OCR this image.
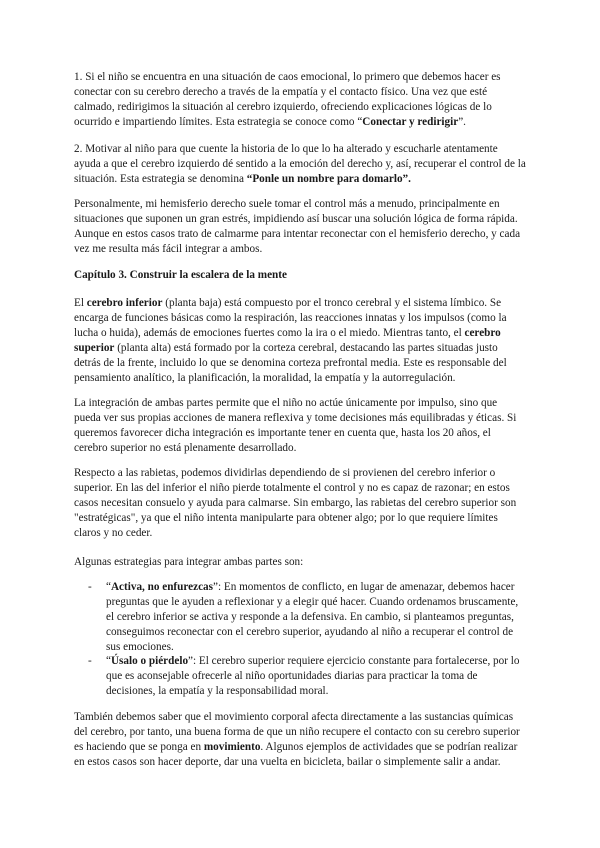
1. Si el niño se encuentra en una situación de caos emocional, lo primero que debemos hacer es conectar con su cerebro derecho a través de la empatía y el contacto físico. Una vez que esté calmado, redirigimos la situación al cerebro izquierdo, ofreciendo explicaciones lógicas de lo ocurrido e impartiendo límites. Esta estrategia se conoce como “Conectar y redirigir”.

2. Motivar al niño para que cuente la historia de lo que lo ha alterado y escucharle atentamente ayuda a que el cerebro izquierdo dé sentido a la emoción del derecho y, así, recuperar el control de la situación. Esta estrategia se denomina “Ponle un nombre para domarlo”.

Personalmente, mi hemisferio derecho suele tomar el control más a menudo, principalmente en situaciones que suponen un gran estrés, impidiendo así buscar una solución lógica de forma rápida. Aunque en estos casos trato de calmarme para intentar reconectar con el hemisferio derecho, y cada vez me resulta más fácil integrar a ambos.

Capítulo 3. Construir la escalera de la mente

El cerebro inferior (planta baja) está compuesto por el tronco cerebral y el sistema límbico. Se encarga de funciones básicas como la respiración, las reacciones innatas y los impulsos (como la lucha o huida), además de emociones fuertes como la ira o el miedo. Mientras tanto, el cerebro superior (planta alta) está formado por la corteza cerebral, destacando las partes situadas justo detrás de la frente, incluido lo que se denomina corteza prefrontal media. Este es responsable del pensamiento analítico, la planificación, la moralidad, la empatía y la autorregulación.

La integración de ambas partes permite que el niño no actúe únicamente por impulso, sino que pueda ver sus propias acciones de manera reflexiva y tome decisiones más equilibradas y éticas. Si queremos favorecer dicha integración es importante tener en cuenta que, hasta los 20 años, el cerebro superior no está plenamente desarrollado.

Respecto a las rabietas, podemos dividirlas dependiendo de si provienen del cerebro inferior o superior. En las del inferior el niño pierde totalmente el control y no es capaz de razonar; en estos casos necesitan consuelo y ayuda para calmarse. Sin embargo, las rabietas del cerebro superior son "estratégicas", ya que el niño intenta manipularte para obtener algo; por lo que requiere límites claros y no ceder.

Algunas estrategias para integrar ambas partes son:

- “Activa, no enfurezcas”: En momentos de conflicto, en lugar de amenazar, debemos hacer preguntas que le ayuden a reflexionar y a elegir qué hacer. Cuando ordenamos bruscamente, el cerebro inferior se activa y responde a la defensiva. En cambio, si planteamos preguntas, conseguimos reconectar con el cerebro superior, ayudando al niño a recuperar el control de sus emociones.

- “Úsalo o piérdelo”: El cerebro superior requiere ejercicio constante para fortalecerse, por lo que es aconsejable ofrecerle al niño oportunidades diarias para practicar la toma de decisiones, la empatía y la responsabilidad moral.

También debemos saber que el movimiento corporal afecta directamente a las sustancias químicas del cerebro, por tanto, una buena forma de que un niño recupere el contacto con su cerebro superior es haciendo que se ponga en movimiento. Algunos ejemplos de actividades que se podrían realizar en estos casos son hacer deporte, dar una vuelta en bicicleta, bailar o simplemente salir a andar.
